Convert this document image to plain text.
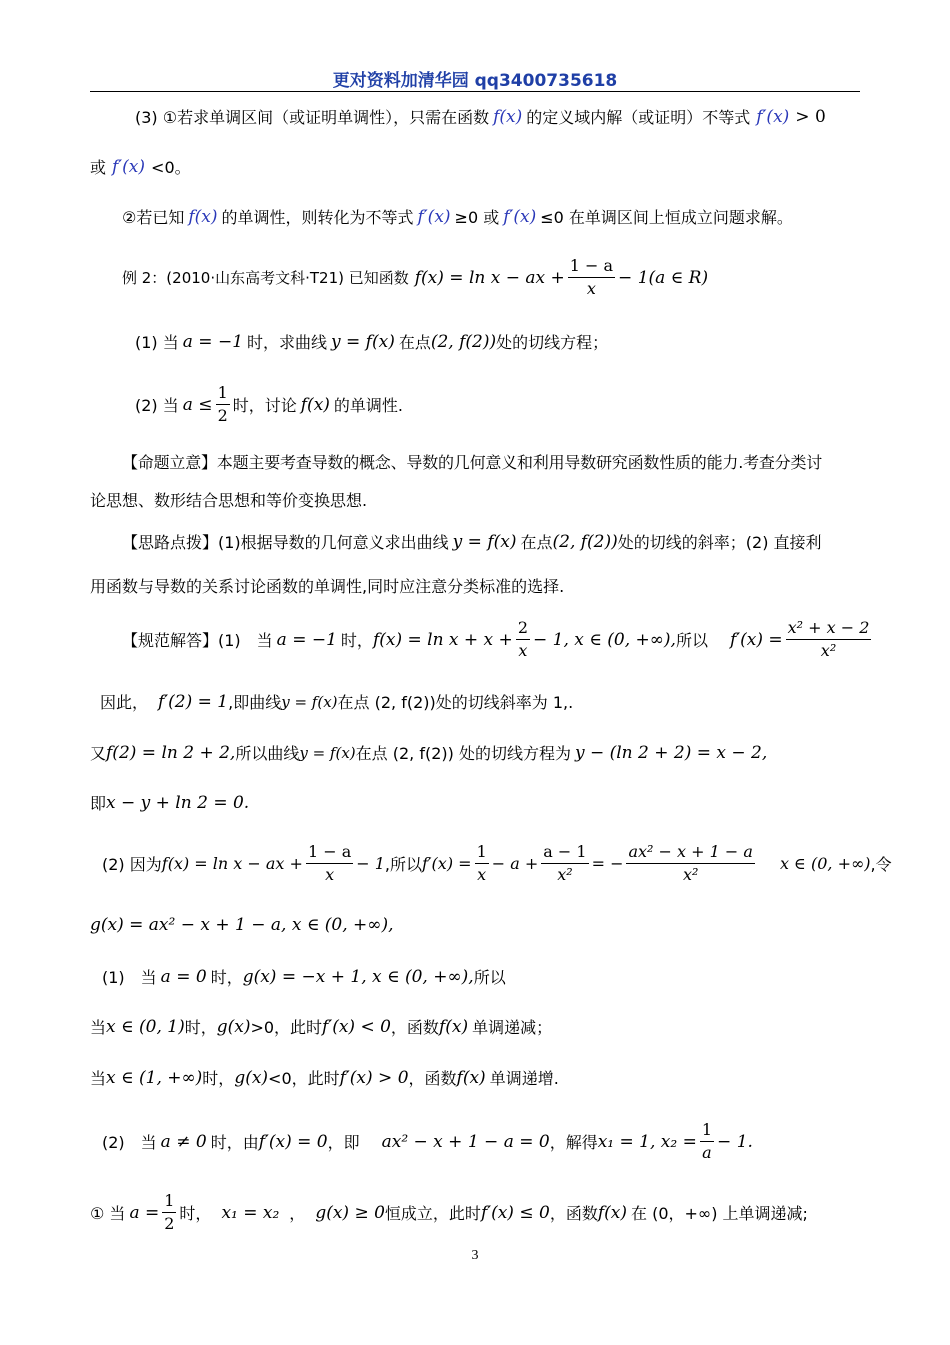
更对资料加清华园 qq3400735618
(3) ①若求单调区间（或证明单调性），只需在函数 f(x) 的定义域内解（或证明）不等式 f′(x) > 0
或 f′(x) <0。
②若已知 f(x) 的单调性，则转化为不等式 f′(x) ≥0 或 f′(x) ≤0 在单调区间上恒成立问题求解。
例 2：(2010·山东高考文科·T21) 已知函数 f(x) = ln x − ax + $\frac{1 - a}{x} - 1(a$ ∈ R)
(1) 当 a = −1 时，求曲线 y = f(x) 在点 (2, f(2)) 处的切线方程；
(2) 当 $a \le \frac{1}{2}$ 时，讨论 f(x) 的单调性.
【命题立意】本题主要考查导数的概念、导数的几何意义和利用导数研究函数性质的能力.考查分类讨
论思想、数形结合思想和等价变换思想.
【思路点拨】(1)根据导数的几何意义求出曲线 y = f(x) 在点 (2, f(2)) 处的切线的斜率；(2) 直接利
用函数与导数的关系讨论函数的单调性,同时应注意分类标准的选择.
【规范解答】(1)　当 a = −1 时， $f(x) = \ln x + x + \frac{2}{x} - 1$, x ∈ (0, +∞), 所以 $f'(x) = \frac{\text{x² + x − 2}}{\text{x²}}$
因此， f′(2) = 1 ,即曲线 y = f(x) 在点 (2, f(2))处的切线斜率为 1,.
又 f(2) = ln 2 + 2, 所以曲线 y = f(x) 在点 (2, f(2)) 处的切线方程为 y − (ln 2 + 2) = x − 2,
即 x − y + ln 2 = 0.
(2) 因为 f(x) = ln x − ax + $\frac{1 - a}{x} - 1$ ,所以 $f'(x) = \frac{1}{x} - a + \frac{a - 1}{\text{x²}}$ = − $\frac{\text{ax² − x + 1 − a}}{\text{x²}}$ x ∈ (0, +∞) ,令
g(x) = ax² − x + 1 − a, x ∈ (0, +∞),
(1)　当 a = 0 时， g(x) = −x + 1, x ∈ (0, +∞), 所以
当 x ∈ (0, 1) 时， g(x) >0，此时 f′(x) < 0 ，函数 f(x) 单调递减；
当 x ∈ (1, +∞) 时， g(x) <0，此时 f′(x) > 0 ，函数 f(x) 单调递增.
(2)　当 a ≠ 0 时，由 f′(x) = 0 ，即 ax² − x + 1 − a = 0 ，解得 x₁ = 1, $x_2 = \frac{1}{a} - 1$.
① 当 $a = \frac{1}{2}$ 时， x₁ = x₂ ， g(x) ≥ 0 恒成立，此时 f′(x) ≤ 0 ，函数 f(x) 在 (0，+∞) 上单调递减;
3
